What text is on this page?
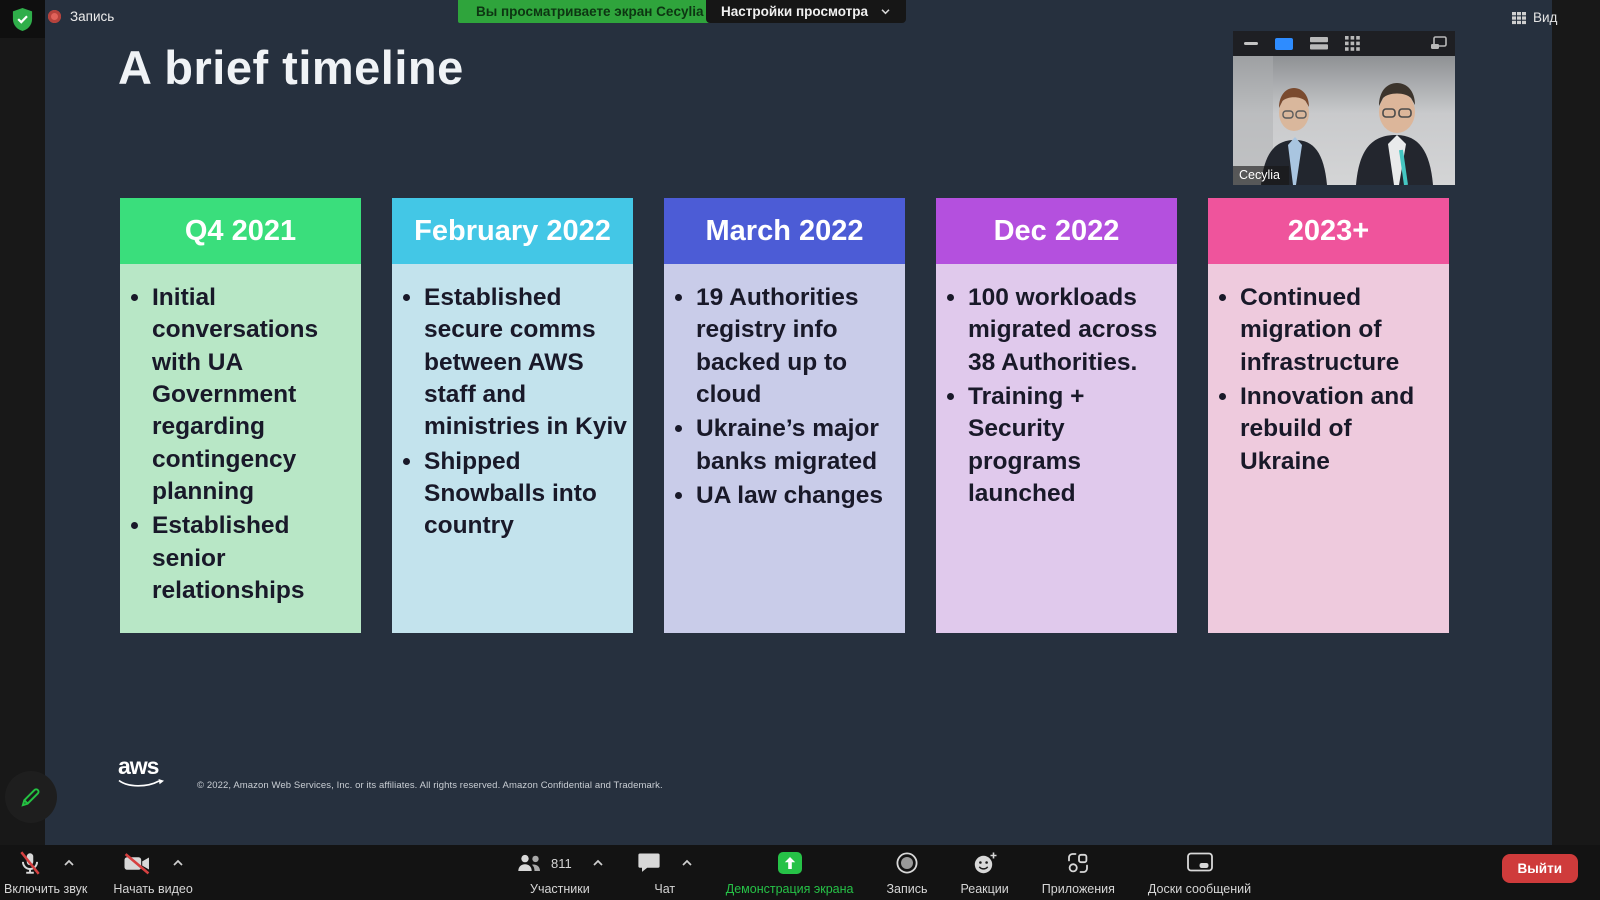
A brief timeline
Q4 2021
• Initial conversations with UA Government regarding contingency planning
• Established senior relationships
February 2022
• Established secure comms between AWS staff and ministries in Kyiv
• Shipped Snowballs into country
March 2022
• 19 Authorities registry info backed up to cloud
• Ukraine’s major banks migrated
• UA law changes
Dec 2022
• 100 workloads migrated across 38 Authorities.
• Training + Security programs launched
2023+
• Continued migration of infrastructure
• Innovation and rebuild of Ukraine
aws
© 2022, Amazon Web Services, Inc. or its affiliates. All rights reserved. Amazon Confidential and Trademark.
Запись	Вы просматриваете экран Cecylia Настройки просмотра	Вид
Cecylia
Включить звук Начать видео
811
Участники	Чат	Демонстрация экрана	Запись	Реакции	Приложения	Доски сообщений
Выйти
